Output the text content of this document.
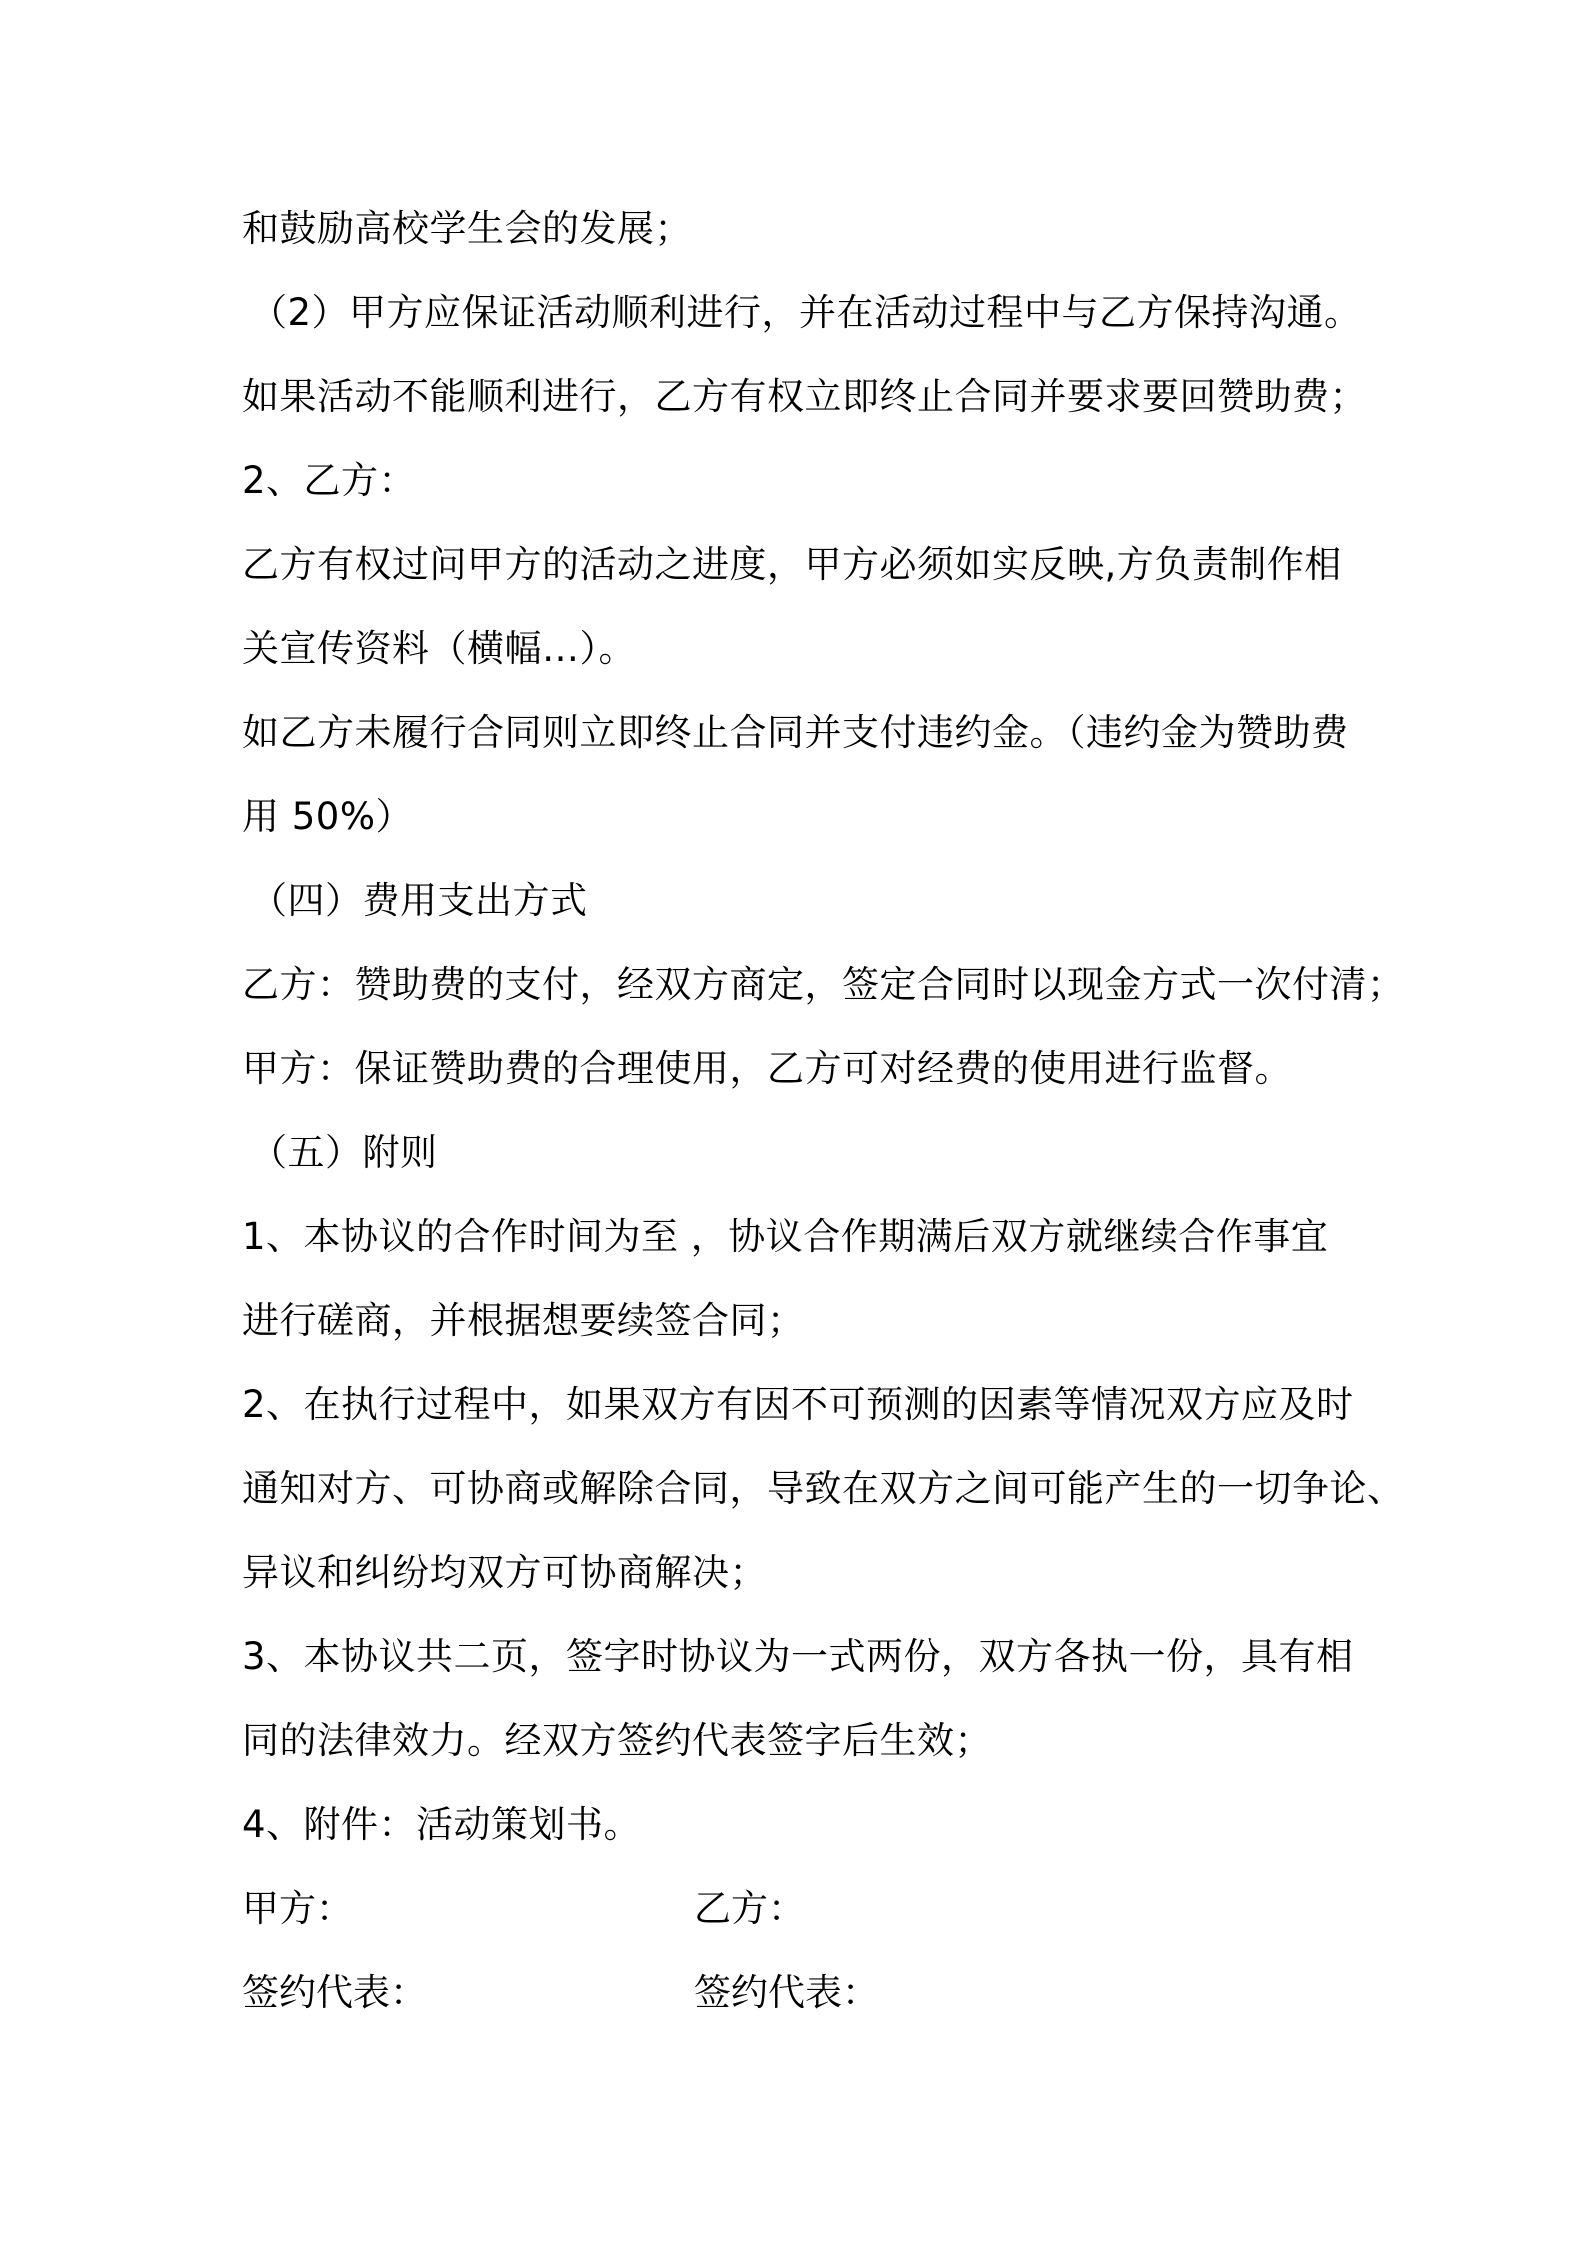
和鼓励高校学生会的发展；
（2）甲方应保证活动顺利进行，并在活动过程中与乙方保持沟通。
如果活动不能顺利进行，乙方有权立即终止合同并要求要回赞助费；
2、乙方：
乙方有权过问甲方的活动之进度，甲方必须如实反映,方负责制作相
关宣传资料（横幅…）。
如乙方未履行合同则立即终止合同并支付违约金。（违约金为赞助费
用 50%）
（四）费用支出方式
乙方：赞助费的支付，经双方商定，签定合同时以现金方式一次付清；
甲方：保证赞助费的合理使用，乙方可对经费的使用进行监督。
（五）附则
1、本协议的合作时间为至 ，协议合作期满后双方就继续合作事宜
进行磋商，并根据想要续签合同；
2、在执行过程中，如果双方有因不可预测的因素等情况双方应及时
通知对方、可协商或解除合同，导致在双方之间可能产生的一切争论、
异议和纠纷均双方可协商解决；
3、本协议共二页，签字时协议为一式两份，双方各执一份，具有相
同的法律效力。经双方签约代表签字后生效；
4、附件：活动策划书。
甲方：	乙方：
签约代表：	签约代表：
